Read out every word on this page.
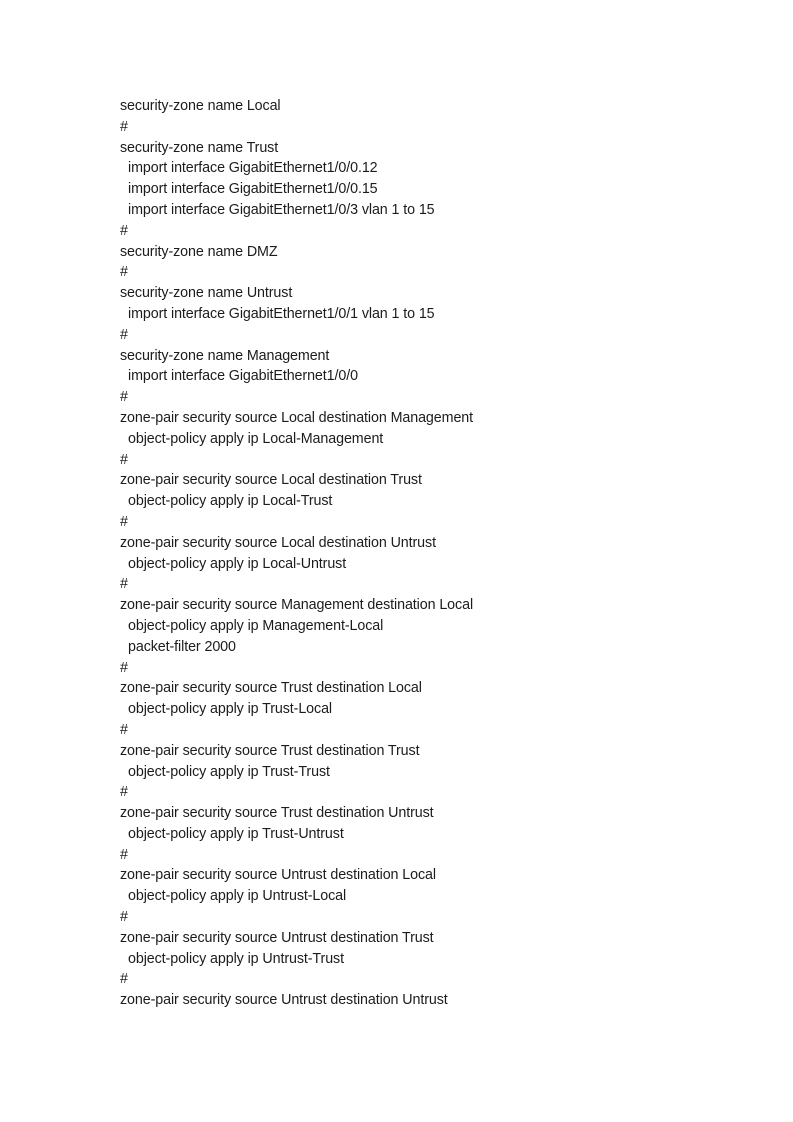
security-zone name Local
#
security-zone name Trust
import interface GigabitEthernet1/0/0.12
import interface GigabitEthernet1/0/0.15
import interface GigabitEthernet1/0/3 vlan 1 to 15
#
security-zone name DMZ
#
security-zone name Untrust
import interface GigabitEthernet1/0/1 vlan 1 to 15
#
security-zone name Management
import interface GigabitEthernet1/0/0
#
zone-pair security source Local destination Management
object-policy apply ip Local-Management
#
zone-pair security source Local destination Trust
object-policy apply ip Local-Trust
#
zone-pair security source Local destination Untrust
object-policy apply ip Local-Untrust
#
zone-pair security source Management destination Local
object-policy apply ip Management-Local
packet-filter 2000
#
zone-pair security source Trust destination Local
object-policy apply ip Trust-Local
#
zone-pair security source Trust destination Trust
object-policy apply ip Trust-Trust
#
zone-pair security source Trust destination Untrust
object-policy apply ip Trust-Untrust
#
zone-pair security source Untrust destination Local
object-policy apply ip Untrust-Local
#
zone-pair security source Untrust destination Trust
object-policy apply ip Untrust-Trust
#
zone-pair security source Untrust destination Untrust
